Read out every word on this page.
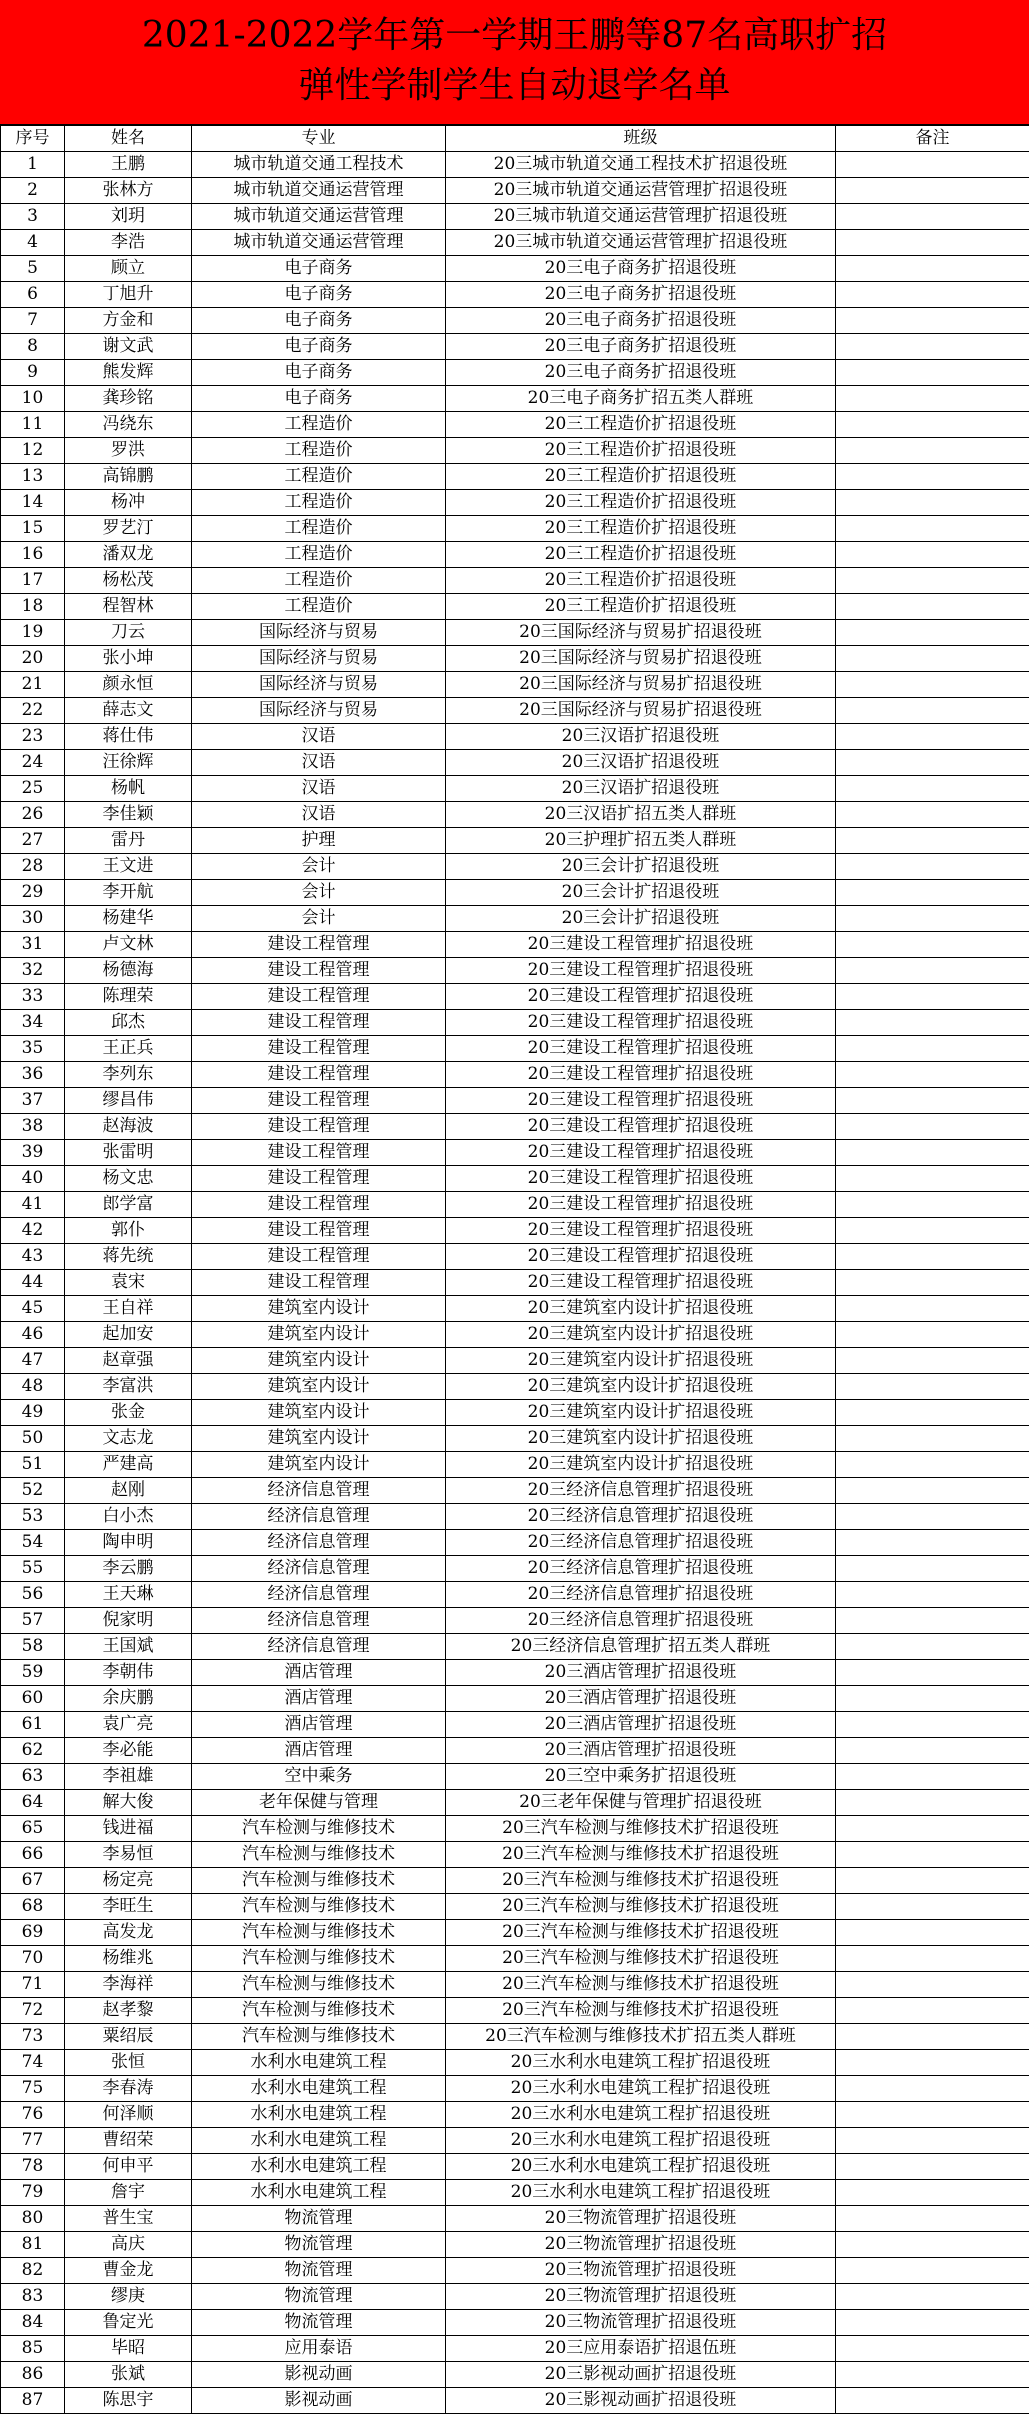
2021-2022学年第一学期王鹏等87名高职扩招
弹性学制学生自动退学名单
序号	姓名	专业	班级	备注
1	王鹏	城市轨道交通工程技术	20三城市轨道交通工程技术扩招退役班	
2	张林方	城市轨道交通运营管理	20三城市轨道交通运营管理扩招退役班	
3	刘玥	城市轨道交通运营管理	20三城市轨道交通运营管理扩招退役班	
4	李浩	城市轨道交通运营管理	20三城市轨道交通运营管理扩招退役班	
5	顾立	电子商务	20三电子商务扩招退役班	
6	丁旭升	电子商务	20三电子商务扩招退役班	
7	方金和	电子商务	20三电子商务扩招退役班	
8	谢文武	电子商务	20三电子商务扩招退役班	
9	熊发辉	电子商务	20三电子商务扩招退役班	
10	龚珍铭	电子商务	20三电子商务扩招五类人群班	
11	冯绕东	工程造价	20三工程造价扩招退役班	
12	罗洪	工程造价	20三工程造价扩招退役班	
13	高锦鹏	工程造价	20三工程造价扩招退役班	
14	杨冲	工程造价	20三工程造价扩招退役班	
15	罗艺汀	工程造价	20三工程造价扩招退役班	
16	潘双龙	工程造价	20三工程造价扩招退役班	
17	杨松茂	工程造价	20三工程造价扩招退役班	
18	程智林	工程造价	20三工程造价扩招退役班	
19	刀云	国际经济与贸易	20三国际经济与贸易扩招退役班	
20	张小坤	国际经济与贸易	20三国际经济与贸易扩招退役班	
21	颜永恒	国际经济与贸易	20三国际经济与贸易扩招退役班	
22	薛志文	国际经济与贸易	20三国际经济与贸易扩招退役班	
23	蒋仕伟	汉语	20三汉语扩招退役班	
24	汪徐辉	汉语	20三汉语扩招退役班	
25	杨帆	汉语	20三汉语扩招退役班	
26	李佳颖	汉语	20三汉语扩招五类人群班	
27	雷丹	护理	20三护理扩招五类人群班	
28	王文进	会计	20三会计扩招退役班	
29	李开航	会计	20三会计扩招退役班	
30	杨建华	会计	20三会计扩招退役班	
31	卢文林	建设工程管理	20三建设工程管理扩招退役班	
32	杨德海	建设工程管理	20三建设工程管理扩招退役班	
33	陈理荣	建设工程管理	20三建设工程管理扩招退役班	
34	邱杰	建设工程管理	20三建设工程管理扩招退役班	
35	王正兵	建设工程管理	20三建设工程管理扩招退役班	
36	李列东	建设工程管理	20三建设工程管理扩招退役班	
37	缪昌伟	建设工程管理	20三建设工程管理扩招退役班	
38	赵海波	建设工程管理	20三建设工程管理扩招退役班	
39	张雷明	建设工程管理	20三建设工程管理扩招退役班	
40	杨文忠	建设工程管理	20三建设工程管理扩招退役班	
41	郎学富	建设工程管理	20三建设工程管理扩招退役班	
42	郭仆	建设工程管理	20三建设工程管理扩招退役班	
43	蒋先统	建设工程管理	20三建设工程管理扩招退役班	
44	袁宋	建设工程管理	20三建设工程管理扩招退役班	
45	王自祥	建筑室内设计	20三建筑室内设计扩招退役班	
46	起加安	建筑室内设计	20三建筑室内设计扩招退役班	
47	赵章强	建筑室内设计	20三建筑室内设计扩招退役班	
48	李富洪	建筑室内设计	20三建筑室内设计扩招退役班	
49	张金	建筑室内设计	20三建筑室内设计扩招退役班	
50	文志龙	建筑室内设计	20三建筑室内设计扩招退役班	
51	严建高	建筑室内设计	20三建筑室内设计扩招退役班	
52	赵刚	经济信息管理	20三经济信息管理扩招退役班	
53	白小杰	经济信息管理	20三经济信息管理扩招退役班	
54	陶申明	经济信息管理	20三经济信息管理扩招退役班	
55	李云鹏	经济信息管理	20三经济信息管理扩招退役班	
56	王天琳	经济信息管理	20三经济信息管理扩招退役班	
57	倪家明	经济信息管理	20三经济信息管理扩招退役班	
58	王国斌	经济信息管理	20三经济信息管理扩招五类人群班	
59	李朝伟	酒店管理	20三酒店管理扩招退役班	
60	余庆鹏	酒店管理	20三酒店管理扩招退役班	
61	袁广亮	酒店管理	20三酒店管理扩招退役班	
62	李必能	酒店管理	20三酒店管理扩招退役班	
63	李祖雄	空中乘务	20三空中乘务扩招退役班	
64	解大俊	老年保健与管理	20三老年保健与管理扩招退役班	
65	钱进福	汽车检测与维修技术	20三汽车检测与维修技术扩招退役班	
66	李易恒	汽车检测与维修技术	20三汽车检测与维修技术扩招退役班	
67	杨定亮	汽车检测与维修技术	20三汽车检测与维修技术扩招退役班	
68	李旺生	汽车检测与维修技术	20三汽车检测与维修技术扩招退役班	
69	高发龙	汽车检测与维修技术	20三汽车检测与维修技术扩招退役班	
70	杨维兆	汽车检测与维修技术	20三汽车检测与维修技术扩招退役班	
71	李海祥	汽车检测与维修技术	20三汽车检测与维修技术扩招退役班	
72	赵孝黎	汽车检测与维修技术	20三汽车检测与维修技术扩招退役班	
73	粟绍辰	汽车检测与维修技术	20三汽车检测与维修技术扩招五类人群班	
74	张恒	水利水电建筑工程	20三水利水电建筑工程扩招退役班	
75	李春涛	水利水电建筑工程	20三水利水电建筑工程扩招退役班	
76	何泽顺	水利水电建筑工程	20三水利水电建筑工程扩招退役班	
77	曹绍荣	水利水电建筑工程	20三水利水电建筑工程扩招退役班	
78	何申平	水利水电建筑工程	20三水利水电建筑工程扩招退役班	
79	詹宇	水利水电建筑工程	20三水利水电建筑工程扩招退役班	
80	普生宝	物流管理	20三物流管理扩招退役班	
81	高庆	物流管理	20三物流管理扩招退役班	
82	曹金龙	物流管理	20三物流管理扩招退役班	
83	缪庚	物流管理	20三物流管理扩招退役班	
84	鲁定光	物流管理	20三物流管理扩招退役班	
85	毕昭	应用泰语	20三应用泰语扩招退伍班	
86	张斌	影视动画	20三影视动画扩招退役班	
87	陈思宇	影视动画	20三影视动画扩招退役班	
